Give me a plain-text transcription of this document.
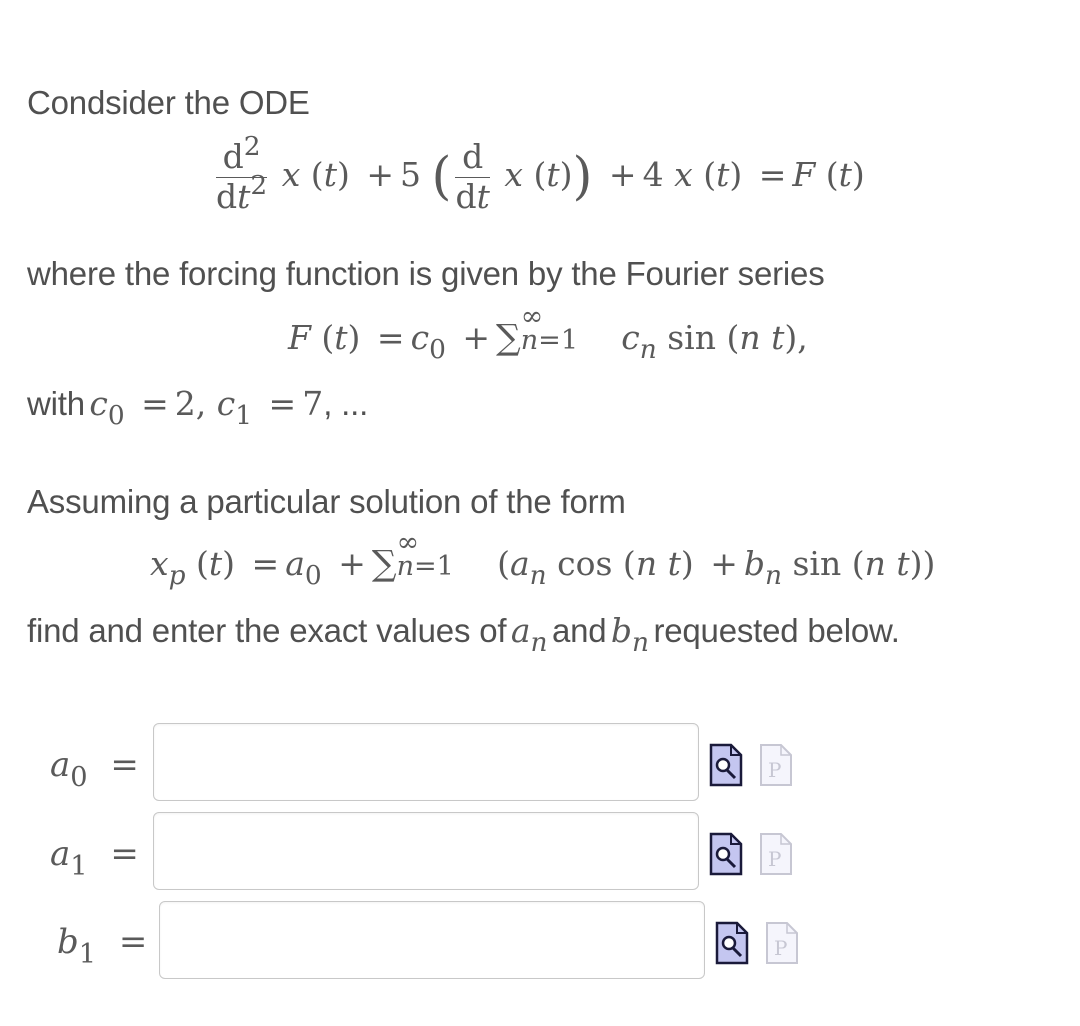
Condsider the ODE
$\frac{d^2}{dt^2}$ x (t) + 5 ( $\frac{d}{dt}$ x (t)) + 4 x (t) = F (t)
where the forcing function is given by the Fourier series
F $(t) = c_0$ + ∑
∞
n=1 $c_n$ sin (n t),
with $c_0 = 2$, $c_1 = 7$, ...
Assuming a particular solution of the form
$x_p$ $(t) = a_0$ + ∑
∞
n=1 ($a_n$ cos (n $t) + b_n$ sin (n t))
find and enter the exact values of $a_n$ and $b_n$ requested below.
$a_0$ =	P
$a_1$ =	P
$b_1$ =	P
